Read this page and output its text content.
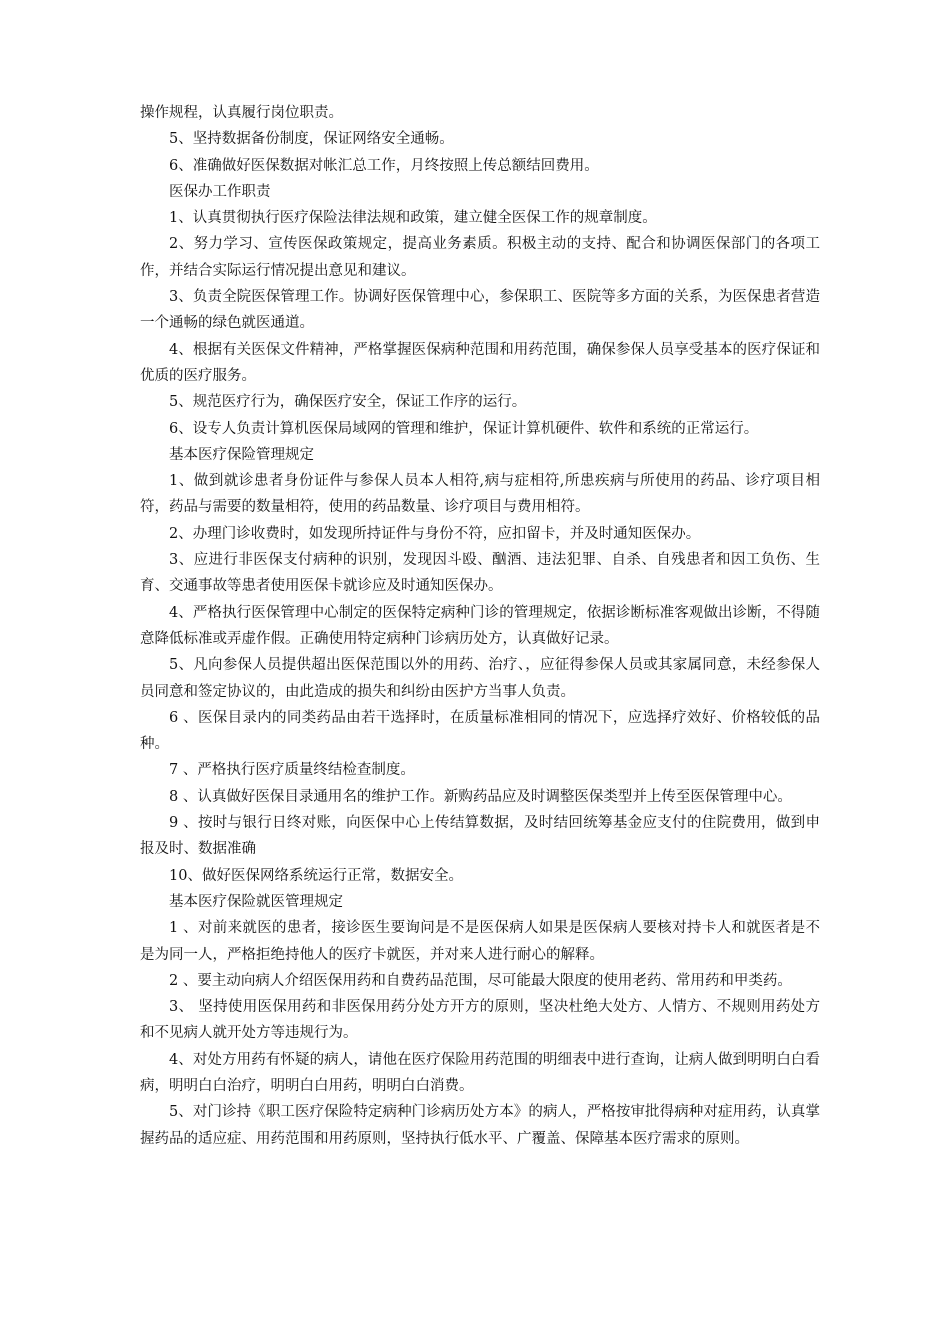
操作规程，认真履行岗位职责。

5、坚持数据备份制度，保证网络安全通畅。

6、准确做好医保数据对帐汇总工作，月终按照上传总额结回费用。

医保办工作职责

1、认真贯彻执行医疗保险法律法规和政策，建立健全医保工作的规章制度。

2、努力学习、宣传医保政策规定，提高业务素质。积极主动的支持、配合和协调医保部门的各项工作，并结合实际运行情况提出意见和建议。

3、负责全院医保管理工作。协调好医保管理中心，参保职工、医院等多方面的关系，为医保患者营造一个通畅的绿色就医通道。

4、根据有关医保文件精神，严格掌握医保病种范围和用药范围，确保参保人员享受基本的医疗保证和优质的医疗服务。

5、规范医疗行为，确保医疗安全，保证工作序的运行。

6、设专人负责计算机医保局域网的管理和维护，保证计算机硬件、软件和系统的正常运行。

基本医疗保险管理规定

1、做到就诊患者身份证件与参保人员本人相符,病与症相符,所患疾病与所使用的药品、诊疗项目相符，药品与需要的数量相符，使用的药品数量、诊疗项目与费用相符。

2、办理门诊收费时，如发现所持证件与身份不符，应扣留卡，并及时通知医保办。

3、应进行非医保支付病种的识别，发现因斗殴、酗酒、违法犯罪、自杀、自残患者和因工负伤、生育、交通事故等患者使用医保卡就诊应及时通知医保办。

4、严格执行医保管理中心制定的医保特定病种门诊的管理规定，依据诊断标准客观做出诊断，不得随意降低标准或弄虚作假。正确使用特定病种门诊病历处方，认真做好记录。

5、凡向参保人员提供超出医保范围以外的用药、治疗、，应征得参保人员或其家属同意，未经参保人员同意和签定协议的，由此造成的损失和纠纷由医护方当事人负责。

6 、医保目录内的同类药品由若干选择时，在质量标准相同的情况下，应选择疗效好、价格较低的品种。

7 、严格执行医疗质量终结检查制度。

8 、认真做好医保目录通用名的维护工作。新购药品应及时调整医保类型并上传至医保管理中心。

9 、按时与银行日终对账，向医保中心上传结算数据，及时结回统筹基金应支付的住院费用，做到申报及时、数据准确

10、做好医保网络系统运行正常，数据安全。

基本医疗保险就医管理规定

1 、对前来就医的患者，接诊医生要询问是不是医保病人如果是医保病人要核对持卡人和就医者是不是为同一人，严格拒绝持他人的医疗卡就医，并对来人进行耐心的解释。

2 、要主动向病人介绍医保用药和自费药品范围，尽可能最大限度的使用老药、常用药和甲类药。

3、 坚持使用医保用药和非医保用药分处方开方的原则，坚决杜绝大处方、人情方、不规则用药处方和不见病人就开处方等违规行为。

4、对处方用药有怀疑的病人，请他在医疗保险用药范围的明细表中进行查询，让病人做到明明白白看病，明明白白治疗，明明白白用药，明明白白消费。

5、对门诊持《职工医疗保险特定病种门诊病历处方本》的病人，严格按审批得病种对症用药，认真掌握药品的适应症、用药范围和用药原则，坚持执行低水平、广覆盖、保障基本医疗需求的原则。
